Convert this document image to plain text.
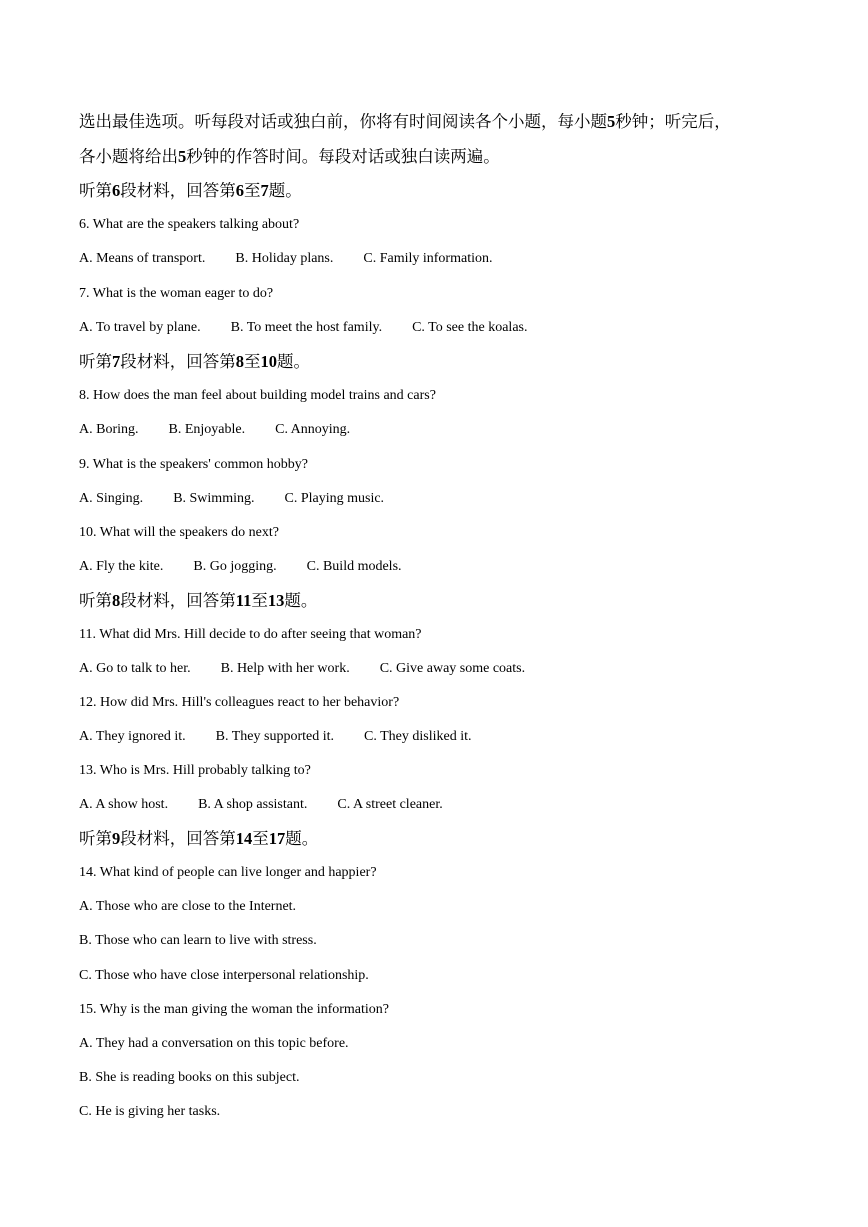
选出最佳选项。听每段对话或独白前，你将有时间阅读各个小题，每小题5秒钟；听完后，
各小题将给出5秒钟的作答时间。每段对话或独白读两遍。
听第6段材料，回答第6至7题。
6. What are the speakers talking about?
A. Means of transport. B. Holiday plans. C. Family information.
7. What is the woman eager to do?
A. To travel by plane. B. To meet the host family. C. To see the koalas.
听第7段材料，回答第8至10题。
8. How does the man feel about building model trains and cars?
A. Boring. B. Enjoyable. C. Annoying.
9. What is the speakers' common hobby?
A. Singing. B. Swimming. C. Playing music.
10. What will the speakers do next?
A. Fly the kite. B. Go jogging. C. Build models.
听第8段材料，回答第11至13题。
11. What did Mrs. Hill decide to do after seeing that woman?
A. Go to talk to her. B. Help with her work. C. Give away some coats.
12. How did Mrs. Hill's colleagues react to her behavior?
A. They ignored it. B. They supported it. C. They disliked it.
13. Who is Mrs. Hill probably talking to?
A. A show host. B. A shop assistant. C. A street cleaner.
听第9段材料，回答第14至17题。
14. What kind of people can live longer and happier?
A. Those who are close to the Internet.
B. Those who can learn to live with stress.
C. Those who have close interpersonal relationship.
15. Why is the man giving the woman the information?
A. They had a conversation on this topic before.
B. She is reading books on this subject.
C. He is giving her tasks.
